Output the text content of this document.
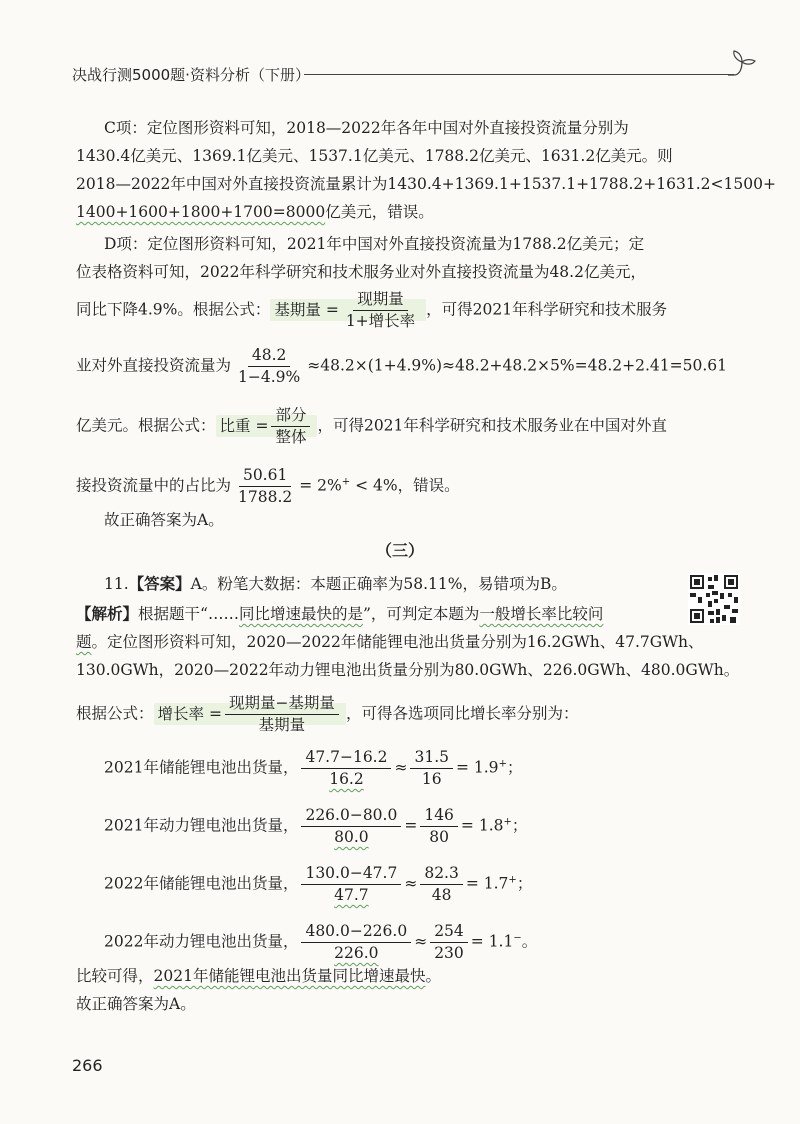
决战行测5000题·资料分析（下册）
C项：定位图形资料可知，2018—2022年各年中国对外直接投资流量分别为
1430.4亿美元、1369.1亿美元、1537.1亿美元、1788.2亿美元、1631.2亿美元。则
2018—2022年中国对外直接投资流量累计为1430.4+1369.1+1537.1+1788.2+1631.2<1500+
1400+1600+1800+1700=8000亿美元，错误。
D项：定位图形资料可知，2021年中国对外直接投资流量为1788.2亿美元；定
位表格资料可知，2022年科学研究和技术服务业对外直接投资流量为48.2亿美元，
同比下降4.9%。根据公式： 基期量 = $\frac{\text{现期量}}{\text{1+增长率}}$ ，可得2021年科学研究和技术服务
业对外直接投资流量为 $\frac{48.2}{1-4.9\%} \approx 48.2\times(1+4.9\%)\approx 48.2+48.2\times 5\%=48.2+2.41=50.61$
亿美元。根据公式： 比重 = $\frac{\text{部分}}{\text{整体}}$ ，可得2021年科学研究和技术服务业在中国对外直
接投资流量中的占比为 $\frac{50.61}{1788.2} = 2\%^+ < 4\%$，错误。
故正确答案为A。
（三）
11.【答案】A。粉笔大数据：本题正确率为58.11%，易错项为B。
【解析】根据题干“……同比增速最快的是”，可判定本题为一般增长率比较问
题。定位图形资料可知，2020—2022年储能锂电池出货量分别为16.2GWh、47.7GWh、
130.0GWh，2020—2022年动力锂电池出货量分别为80.0GWh、226.0GWh、480.0GWh。
根据公式： 增长率 = $\frac{\text{现期量−基期量}}{\text{基期量}}$ ，可得各选项同比增长率分别为：
2021年储能锂电池出货量， $\frac{47.7-16.2}{16.2} \approx \frac{31.5}{16} = 1.9^+$；
2021年动力锂电池出货量， $\frac{226.0-80.0}{80.0} = \frac{146}{80} = 1.8^+$；
2022年储能锂电池出货量， $\frac{130.0-47.7}{47.7} \approx \frac{82.3}{48} = 1.7^+$；
2022年动力锂电池出货量， $\frac{480.0-226.0}{226.0} \approx \frac{254}{230} = 1.1^-$。
比较可得，2021年储能锂电池出货量同比增速最快。
故正确答案为A。
266
